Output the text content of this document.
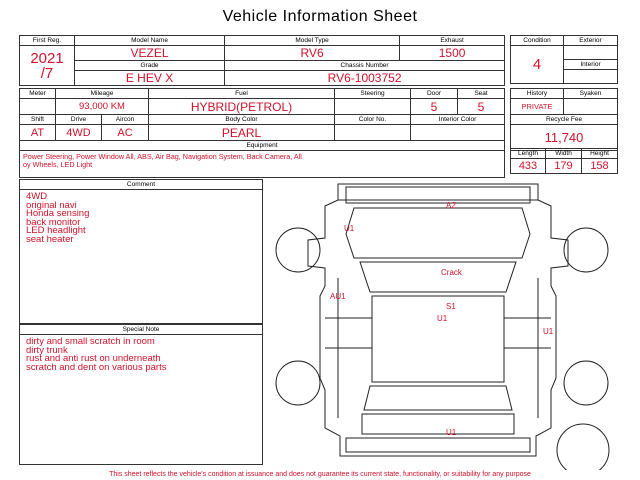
Vehicle Information Sheet
First Reg.	Model Name	Model Type	Exhaust

2021
/7	VEZEL	RV6	1500
	Grade	Chassis Number	
	E HEV X	RV6-1003752	
Meter	Mileage		Fuel	Steering	Door	Seat
	93,000 KM		HYBRID(PETROL)		5	5
Shift	Drive	Aircon	Body Color	Color No.	Interior Color	
AT	4WD	AC	PEARL			
Equipment						

Power Steering, Power Window All, ABS, Air Bag, Navigation System, Back Camera, All
oy Wheels, LED Light						
Condition	Exterior
4	
	Interior

History	Syaken
PRIVATE	
Recycle Fee	
11,740	
Length	Width	Height
433	179	158
Comment
4WD
original navi
Honda sensing
back monitor
LED headlight
seat heater
Special Note
dirty and small scratch in room
dirty trunk
rust and anti rust on underneath
scratch and dent on various parts
A2
U1
Crack
AU1
S1
U1
U1
U1
This sheet reflects the vehicle's condition at issuance and does not guarantee its current state, functionality, or suitability for any purpose
